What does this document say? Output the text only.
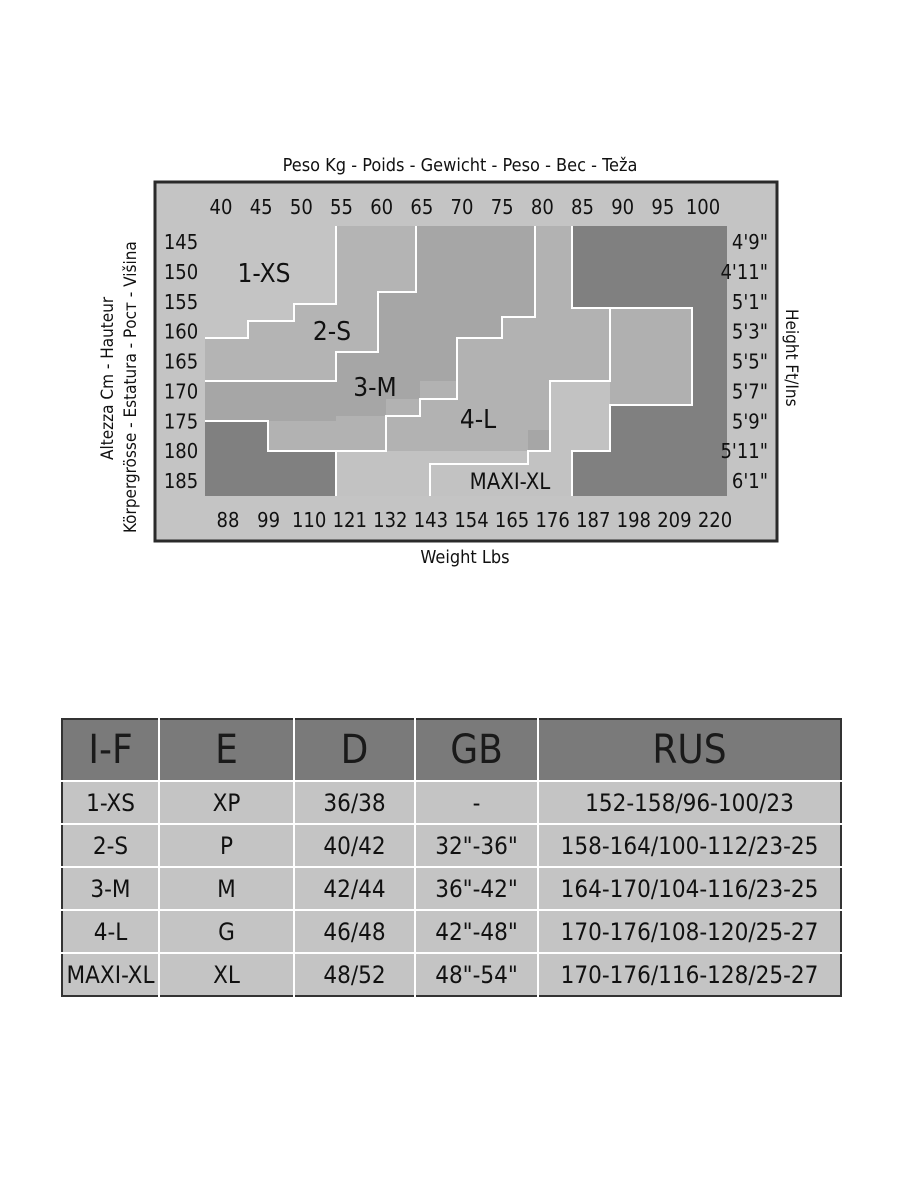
1-XS
2-S
3-M
4-L
MAXI-XL
Peso Kg - Poids - Gewicht - Peso - Bec - Teža
Weight Lbs
Altezza Cm - Hauteur Körpergrösse - Estatura - Рост - Višina	Height Ft/Ins
40 45 50 55 60 65 70 75 80 85 90 95 100
88 99 110 121 132 143 154 165 176 187 198 209 220
145
150
155
160
165
170
175
180
185
4'9"
4'11"
5'1"
5'3"
5'5"
5'7"
5'9"
5'11"
6'1"
I-F	E	D	GB	RUS
1-XS	XP	36/38	-	152-158/96-100/23
2-S	P	40/42	32"-36"	158-164/100-112/23-25
3-M	M	42/44	36"-42"	164-170/104-116/23-25
4-L	G	46/48	42"-48"	170-176/108-120/25-27
MAXI-XL	XL	48/52	48"-54"	170-176/116-128/25-27
